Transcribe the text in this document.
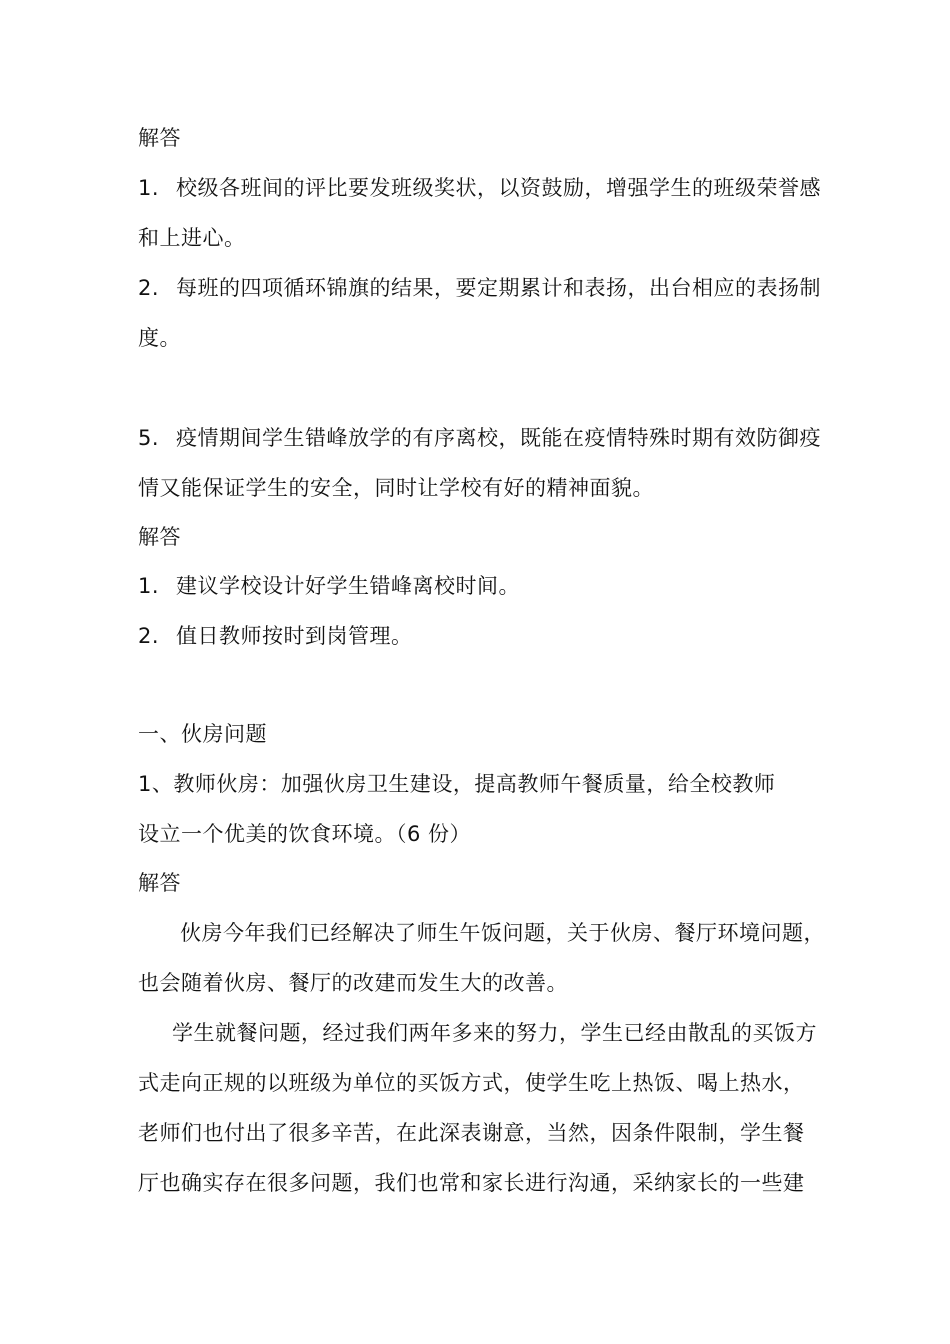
解答
1. 校级各班间的评比要发班级奖状，以资鼓励，增强学生的班级荣誉感
和上进心。
2. 每班的四项循环锦旗的结果，要定期累计和表扬，出台相应的表扬制
度。
5. 疫情期间学生错峰放学的有序离校，既能在疫情特殊时期有效防御疫
情又能保证学生的安全，同时让学校有好的精神面貌。
解答
1. 建议学校设计好学生错峰离校时间。
2. 值日教师按时到岗管理。
一、伙房问题
1、教师伙房：加强伙房卫生建设，提高教师午餐质量，给全校教师
设立一个优美的饮食环境。（6 份）
解答
伙房今年我们已经解决了师生午饭问题，关于伙房、餐厅环境问题，
也会随着伙房、餐厅的改建而发生大的改善。
学生就餐问题，经过我们两年多来的努力，学生已经由散乱的买饭方
式走向正规的以班级为单位的买饭方式，使学生吃上热饭、喝上热水，
老师们也付出了很多辛苦，在此深表谢意，当然，因条件限制，学生餐
厅也确实存在很多问题，我们也常和家长进行沟通，采纳家长的一些建
